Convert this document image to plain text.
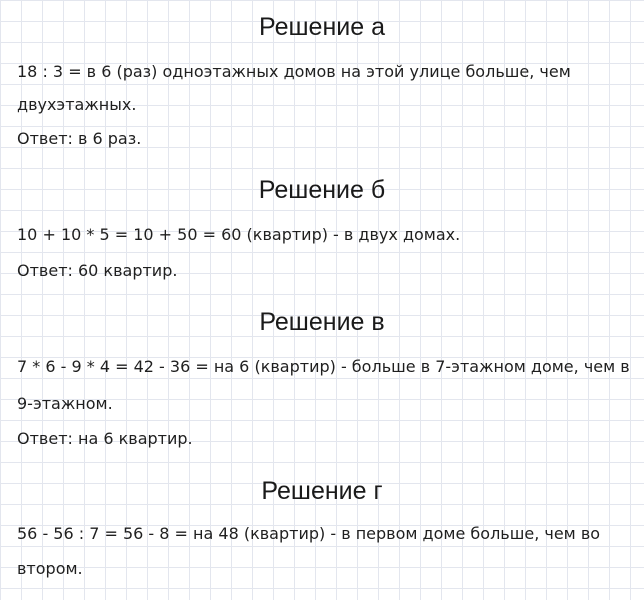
Решение а
18 : 3 = в 6 (раз) одноэтажных домов на этой улице больше, чем
двухэтажных.
Ответ: в 6 раз.
Решение б
10 + 10 * 5 = 10 + 50 = 60 (квартир) - в двух домах.
Ответ: 60 квартир.
Решение в
7 * 6 - 9 * 4 = 42 - 36 = на 6 (квартир) - больше в 7-этажном доме, чем в
9-этажном.
Ответ: на 6 квартир.
Решение г
56 - 56 : 7 = 56 - 8 = на 48 (квартир) - в первом доме больше, чем во
втором.
